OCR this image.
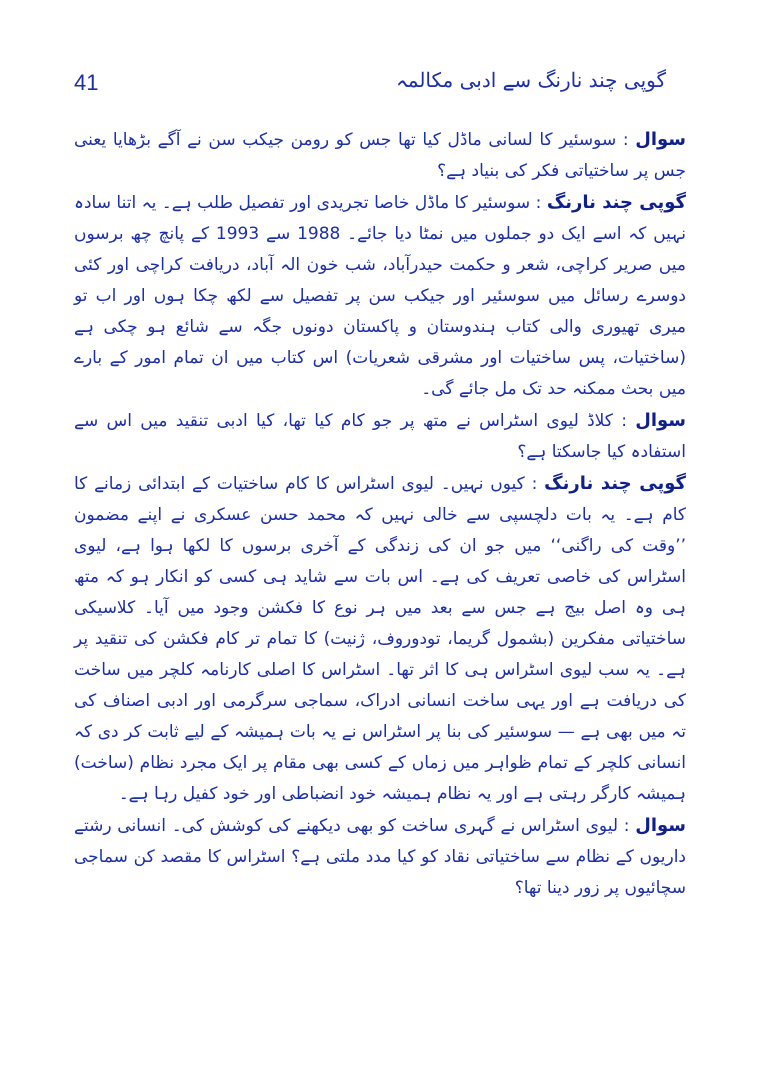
41	گوپی چند نارنگ سے ادبی مکالمہ

سوال : سوسئیر کا لسانی ماڈل کیا تھا جس کو رومن جیکب سن نے آگے بڑھایا یعنی جس پر ساختیاتی فکر کی بنیاد ہے؟

گوپی چند نارنگ : سوسئیر کا ماڈل خاصا تجریدی اور تفصیل طلب ہے۔ یہ اتنا سادہ نہیں کہ اسے ایک دو جملوں میں نمٹا دیا جائے۔ 1988 سے 1993 کے پانچ چھ برسوں میں صریر کراچی، شعر و حکمت حیدرآباد، شب خون الہ آباد، دریافت کراچی اور کئی دوسرے رسائل میں سوسئیر اور جیکب سن پر تفصیل سے لکھ چکا ہوں اور اب تو میری تھیوری والی کتاب ہندوستان و پاکستان دونوں جگہ سے شائع ہو چکی ہے (ساختیات، پس ساختیات اور مشرقی شعریات) اس کتاب میں ان تمام امور کے بارے میں بحث ممکنہ حد تک مل جائے گی۔

سوال : کلاڈ لیوی اسٹراس نے متھ پر جو کام کیا تھا، کیا ادبی تنقید میں اس سے استفادہ کیا جاسکتا ہے؟

گوپی چند نارنگ : کیوں نہیں۔ لیوی اسٹراس کا کام ساختیات کے ابتدائی زمانے کا کام ہے۔ یہ بات دلچسپی سے خالی نہیں کہ محمد حسن عسکری نے اپنے مضمون ’’وقت کی راگنی‘‘ میں جو ان کی زندگی کے آخری برسوں کا لکھا ہوا ہے، لیوی اسٹراس کی خاصی تعریف کی ہے۔ اس بات سے شاید ہی کسی کو انکار ہو کہ متھ ہی وہ اصل بیج ہے جس سے بعد میں ہر نوع کا فکشن وجود میں آیا۔ کلاسیکی ساختیاتی مفکرین (بشمول گریما، تودوروف، ژنیت) کا تمام تر کام فکشن کی تنقید پر ہے۔ یہ سب لیوی اسٹراس ہی کا اثر تھا۔ اسٹراس کا اصلی کارنامہ کلچر میں ساخت کی دریافت ہے اور یہی ساخت انسانی ادراک، سماجی سرگرمی اور ادبی اصناف کی تہ میں بھی ہے — سوسئیر کی بنا پر اسٹراس نے یہ بات ہمیشہ کے لیے ثابت کر دی کہ انسانی کلچر کے تمام ظواہر میں زماں کے کسی بھی مقام پر ایک مجرد نظام (ساخت) ہمیشہ کارگر رہتی ہے اور یہ نظام ہمیشہ خود انضباطی اور خود کفیل رہا ہے۔

سوال : لیوی اسٹراس نے گہری ساخت کو بھی دیکھنے کی کوشش کی۔ انسانی رشتے داریوں کے نظام سے ساختیاتی نقاد کو کیا مدد ملتی ہے؟ اسٹراس کا مقصد کن سماجی سچائیوں پر زور دینا تھا؟
